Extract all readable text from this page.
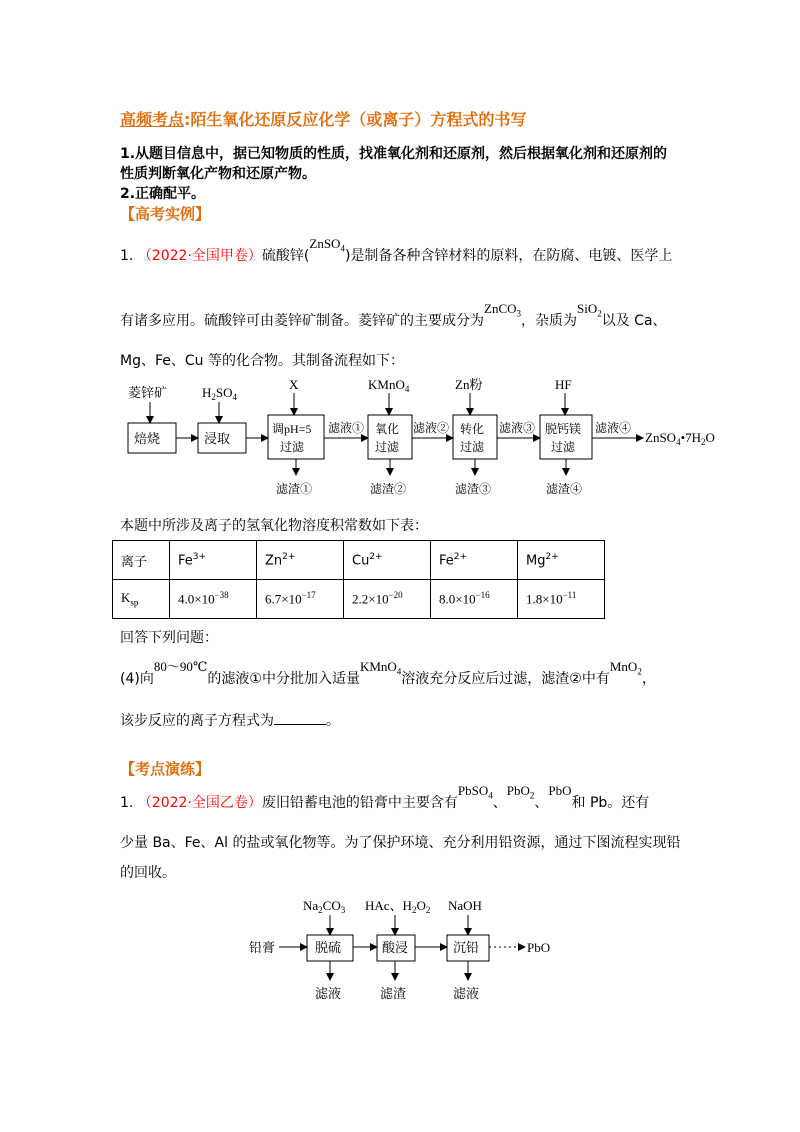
高频考点:陌生氧化还原反应化学（或离子）方程式的书写
1.从题目信息中，据已知物质的性质，找准氧化剂和还原剂，然后根据氧化剂和还原剂的
性质判断氧化产物和还原产物。
2.正确配平。
【高考实例】
1. （2022·全国甲卷）硫酸锌(ZnSO$_4$)是制备各种含锌材料的原料，在防腐、电镀、医学上
有诸多应用。硫酸锌可由菱锌矿制备。菱锌矿的主要成分为ZnCO$_3$，杂质为SiO$_2$以及 Ca、
Mg、Fe、Cu 等的化合物。其制备流程如下：
菱锌矿	$H_2SO_4$
X	KMnO$_4$	Zn粉	HF
焙烧	浸取
调pH=5
过滤
氧化
过滤
转化
过滤
脱钙镁
过滤
滤液①	滤液②	滤液③	滤液④
$ZnSO_4•7H_2O$
滤渣①	滤渣②	滤渣③	滤渣④
本题中所涉及离子的氢氧化物溶度积常数如下表：
离子	$Fe^{3+}$	$Zn^{2+}$	$Cu^{2+}$	$Fe^{2+}$	$Mg^{2+}$
$K_{sp}$	$4.0\times 10^{-38}$	$6.7\times 10^{-17}$	$2.2\times 10^{-20}$	$8.0\times 10^{-16}$	$1.8\times 10^{-11}$
回答下列问题：
(4)向80～90℃的滤液①中分批加入适量KMnO$_4$溶液充分反应后过滤，滤渣②中有MnO$_2$，
该步反应的离子方程式为	。
【考点演练】
1. （2022·全国乙卷）废旧铅蓄电池的铅膏中主要含有PbSO$_4$、PbO$_2$、PbO和 Pb。还有
少量 Ba、Fe、Al 的盐或氧化物等。为了保护环境、充分利用铅资源，通过下图流程实现铅
的回收。
$Na_2CO_3$ HAc、$H_2O_2$ NaOH
铅膏	脱硫	酸浸	沉铅	PbO
滤液	滤渣	滤液
